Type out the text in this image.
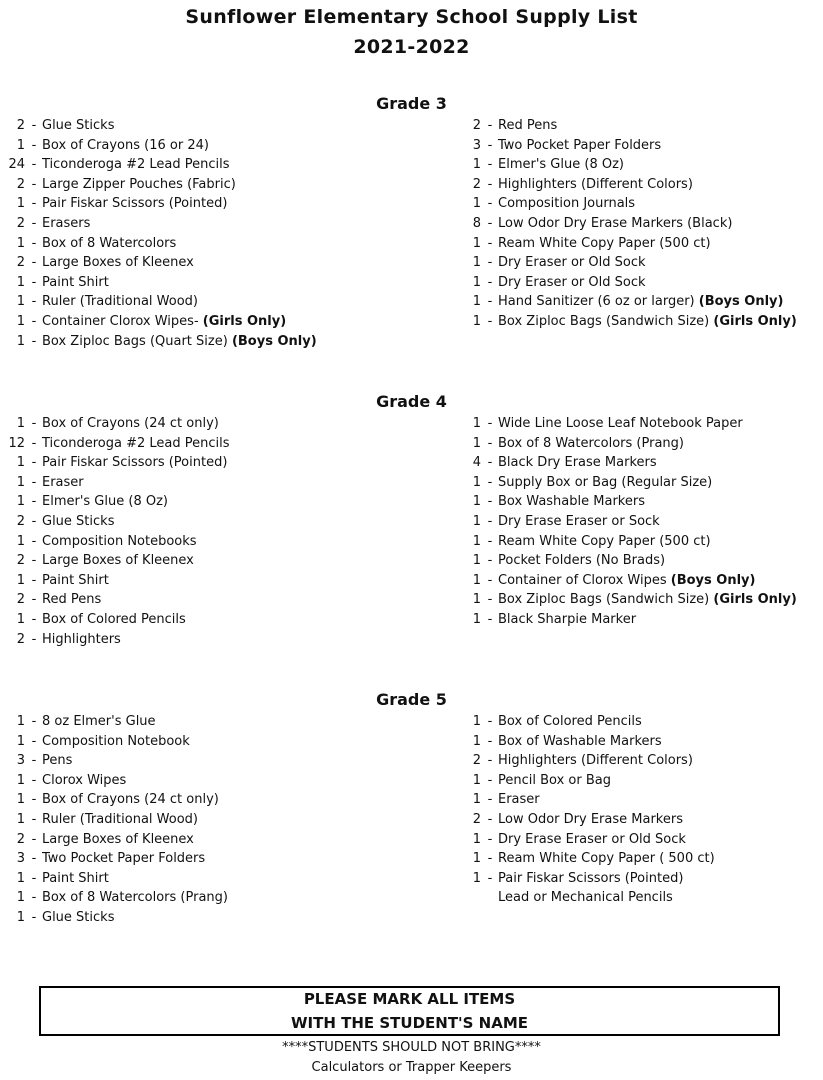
Sunflower Elementary School Supply List
2021-2022
Grade 3
2 - Glue Sticks
1 - Box of Crayons (16 or 24)
24 - Ticonderoga #2 Lead Pencils
2 - Large Zipper Pouches (Fabric)
1 - Pair Fiskar Scissors (Pointed)
2 - Erasers
1 - Box of 8 Watercolors
2 - Large Boxes of Kleenex
1 - Paint Shirt
1 - Ruler (Traditional Wood)
1 - Container Clorox Wipes- (Girls Only)
1 - Box Ziploc Bags (Quart Size) (Boys Only)
2 - Red Pens
3 - Two Pocket Paper Folders
1 - Elmer's Glue (8 Oz)
2 - Highlighters (Different Colors)
1 - Composition Journals
8 - Low Odor Dry Erase Markers (Black)
1 - Ream White Copy Paper (500 ct)
1 - Dry Eraser or Old Sock
1 - Dry Eraser or Old Sock
1 - Hand Sanitizer (6 oz or larger) (Boys Only)
1 - Box Ziploc Bags (Sandwich Size) (Girls Only)
Grade 4
1 - Box of Crayons (24 ct only)
12 - Ticonderoga #2 Lead Pencils
1 - Pair Fiskar Scissors (Pointed)
1 - Eraser
1 - Elmer's Glue (8 Oz)
2 - Glue Sticks
1 - Composition Notebooks
2 - Large Boxes of Kleenex
1 - Paint Shirt
2 - Red Pens
1 - Box of Colored Pencils
2 - Highlighters
1 - Wide Line Loose Leaf Notebook Paper
1 - Box of 8 Watercolors (Prang)
4 - Black Dry Erase Markers
1 - Supply Box or Bag (Regular Size)
1 - Box Washable Markers
1 - Dry Erase Eraser or Sock
1 - Ream White Copy Paper (500 ct)
1 - Pocket Folders (No Brads)
1 - Container of Clorox Wipes (Boys Only)
1 - Box Ziploc Bags (Sandwich Size) (Girls Only)
1 - Black Sharpie Marker
Grade 5
1 - 8 oz Elmer's Glue
1 - Composition Notebook
3 - Pens
1 - Clorox Wipes
1 - Box of Crayons (24 ct only)
1 - Ruler (Traditional Wood)
2 - Large Boxes of Kleenex
3 - Two Pocket Paper Folders
1 - Paint Shirt
1 - Box of 8 Watercolors (Prang)
1 - Glue Sticks
1 - Box of Colored Pencils
1 - Box of Washable Markers
2 - Highlighters (Different Colors)
1 - Pencil Box or Bag
1 - Eraser
2 - Low Odor Dry Erase Markers
1 - Dry Erase Eraser or Old Sock
1 - Ream White Copy Paper ( 500 ct)
1 - Pair Fiskar Scissors (Pointed)
Lead or Mechanical Pencils
PLEASE MARK ALL ITEMS
WITH THE STUDENT'S NAME
****STUDENTS SHOULD NOT BRING****
Calculators or Trapper Keepers
